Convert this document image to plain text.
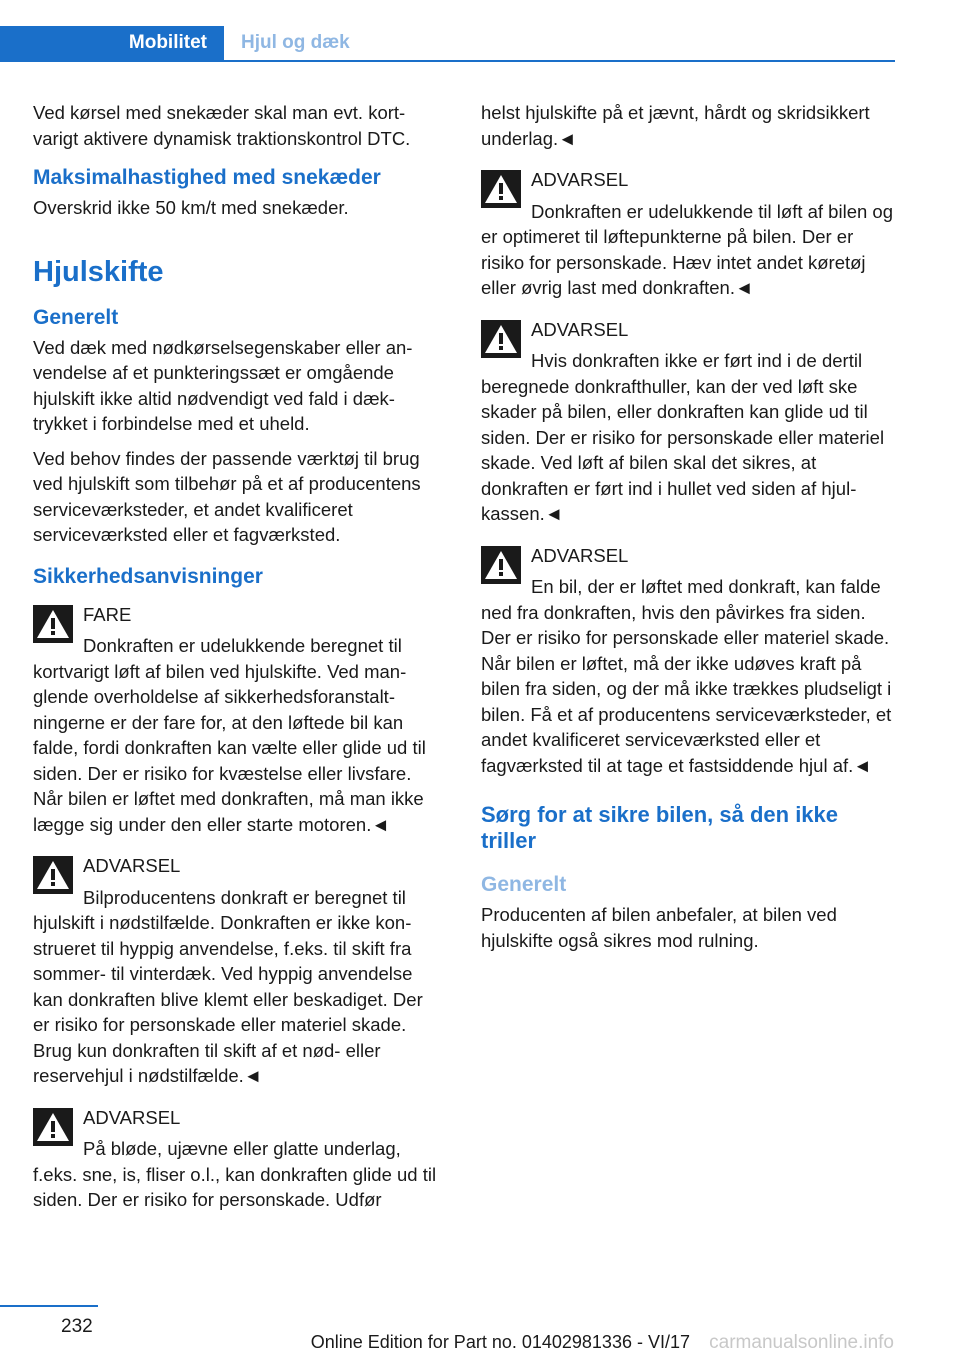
Mobilitet	Hjul og dæk

Ved kørsel med snekæder skal man evt. kortvarigt aktivere dynamisk traktionskontrol DTC.

Maksimalhastighed med snekæder

Overskrid ikke 50 km/t med snekæder.

Hjulskifte
Generelt

Ved dæk med nødkørselsegenskaber eller anvendelse af et punkteringssæt er omgående hjulskift ikke altid nødvendigt ved fald i dæktrykket i forbindelse med et uheld.

Ved behov findes der passende værktøj til brug ved hjulskift som tilbehør på et af producentens serviceværksteder, et andet kvalificeret serviceværksted eller et fagværksted.

Sikkerhedsanvisninger
FARE
Donkraften er udelukkende beregnet til kortvarigt løft af bilen ved hjulskifte. Ved manglende overholdelse af sikkerhedsforanstaltningerne er der fare for, at den løftede bil kan falde, fordi donkraften kan vælte eller glide ud til siden. Der er risiko for kvæstelse eller livsfare. Når bilen er løftet med donkraften, må man ikke lægge sig under den eller starte motoren.◄
ADVARSEL
Bilproducentens donkraft er beregnet til hjulskift i nødstilfælde. Donkraften er ikke konstrueret til hyppig anvendelse, f.eks. til skift fra sommer- til vinterdæk. Ved hyppig anvendelse kan donkraften blive klemt eller beskadiget. Der er risiko for personskade eller materiel skade. Brug kun donkraften til skift af et nød- eller reservehjul i nødstilfælde.◄
ADVARSEL
På bløde, ujævne eller glatte underlag, f.eks. sne, is, fliser o.l., kan donkraften glide ud til siden. Der er risiko for personskade. Udfør

helst hjulskifte på et jævnt, hårdt og skridsikkert underlag.◄

ADVARSEL
Donkraften er udelukkende til løft af bilen og er optimeret til løftepunkterne på bilen. Der er risiko for personskade. Hæv intet andet køretøj eller øvrig last med donkraften.◄
ADVARSEL
Hvis donkraften ikke er ført ind i de dertil beregnede donkrafthuller, kan der ved løft ske skader på bilen, eller donkraften kan glide ud til siden. Der er risiko for personskade eller materiel skade. Ved løft af bilen skal det sikres, at donkraften er ført ind i hullet ved siden af hjulkassen.◄
ADVARSEL
En bil, der er løftet med donkraft, kan falde ned fra donkraften, hvis den påvirkes fra siden. Der er risiko for personskade eller materiel skade. Når bilen er løftet, må der ikke udøves kraft på bilen fra siden, og der må ikke trækkes pludseligt i bilen. Få et af producentens serviceværksteder, et andet kvalificeret serviceværksted eller et fagværksted til at tage et fastsiddende hjul af.◄
Sørg for at sikre bilen, så den ikke triller
Generelt

Producenten af bilen anbefaler, at bilen ved hjulskifte også sikres mod rulning.

232
Online Edition for Part no. 01402981336 - VI/17 carmanualsonline.info
